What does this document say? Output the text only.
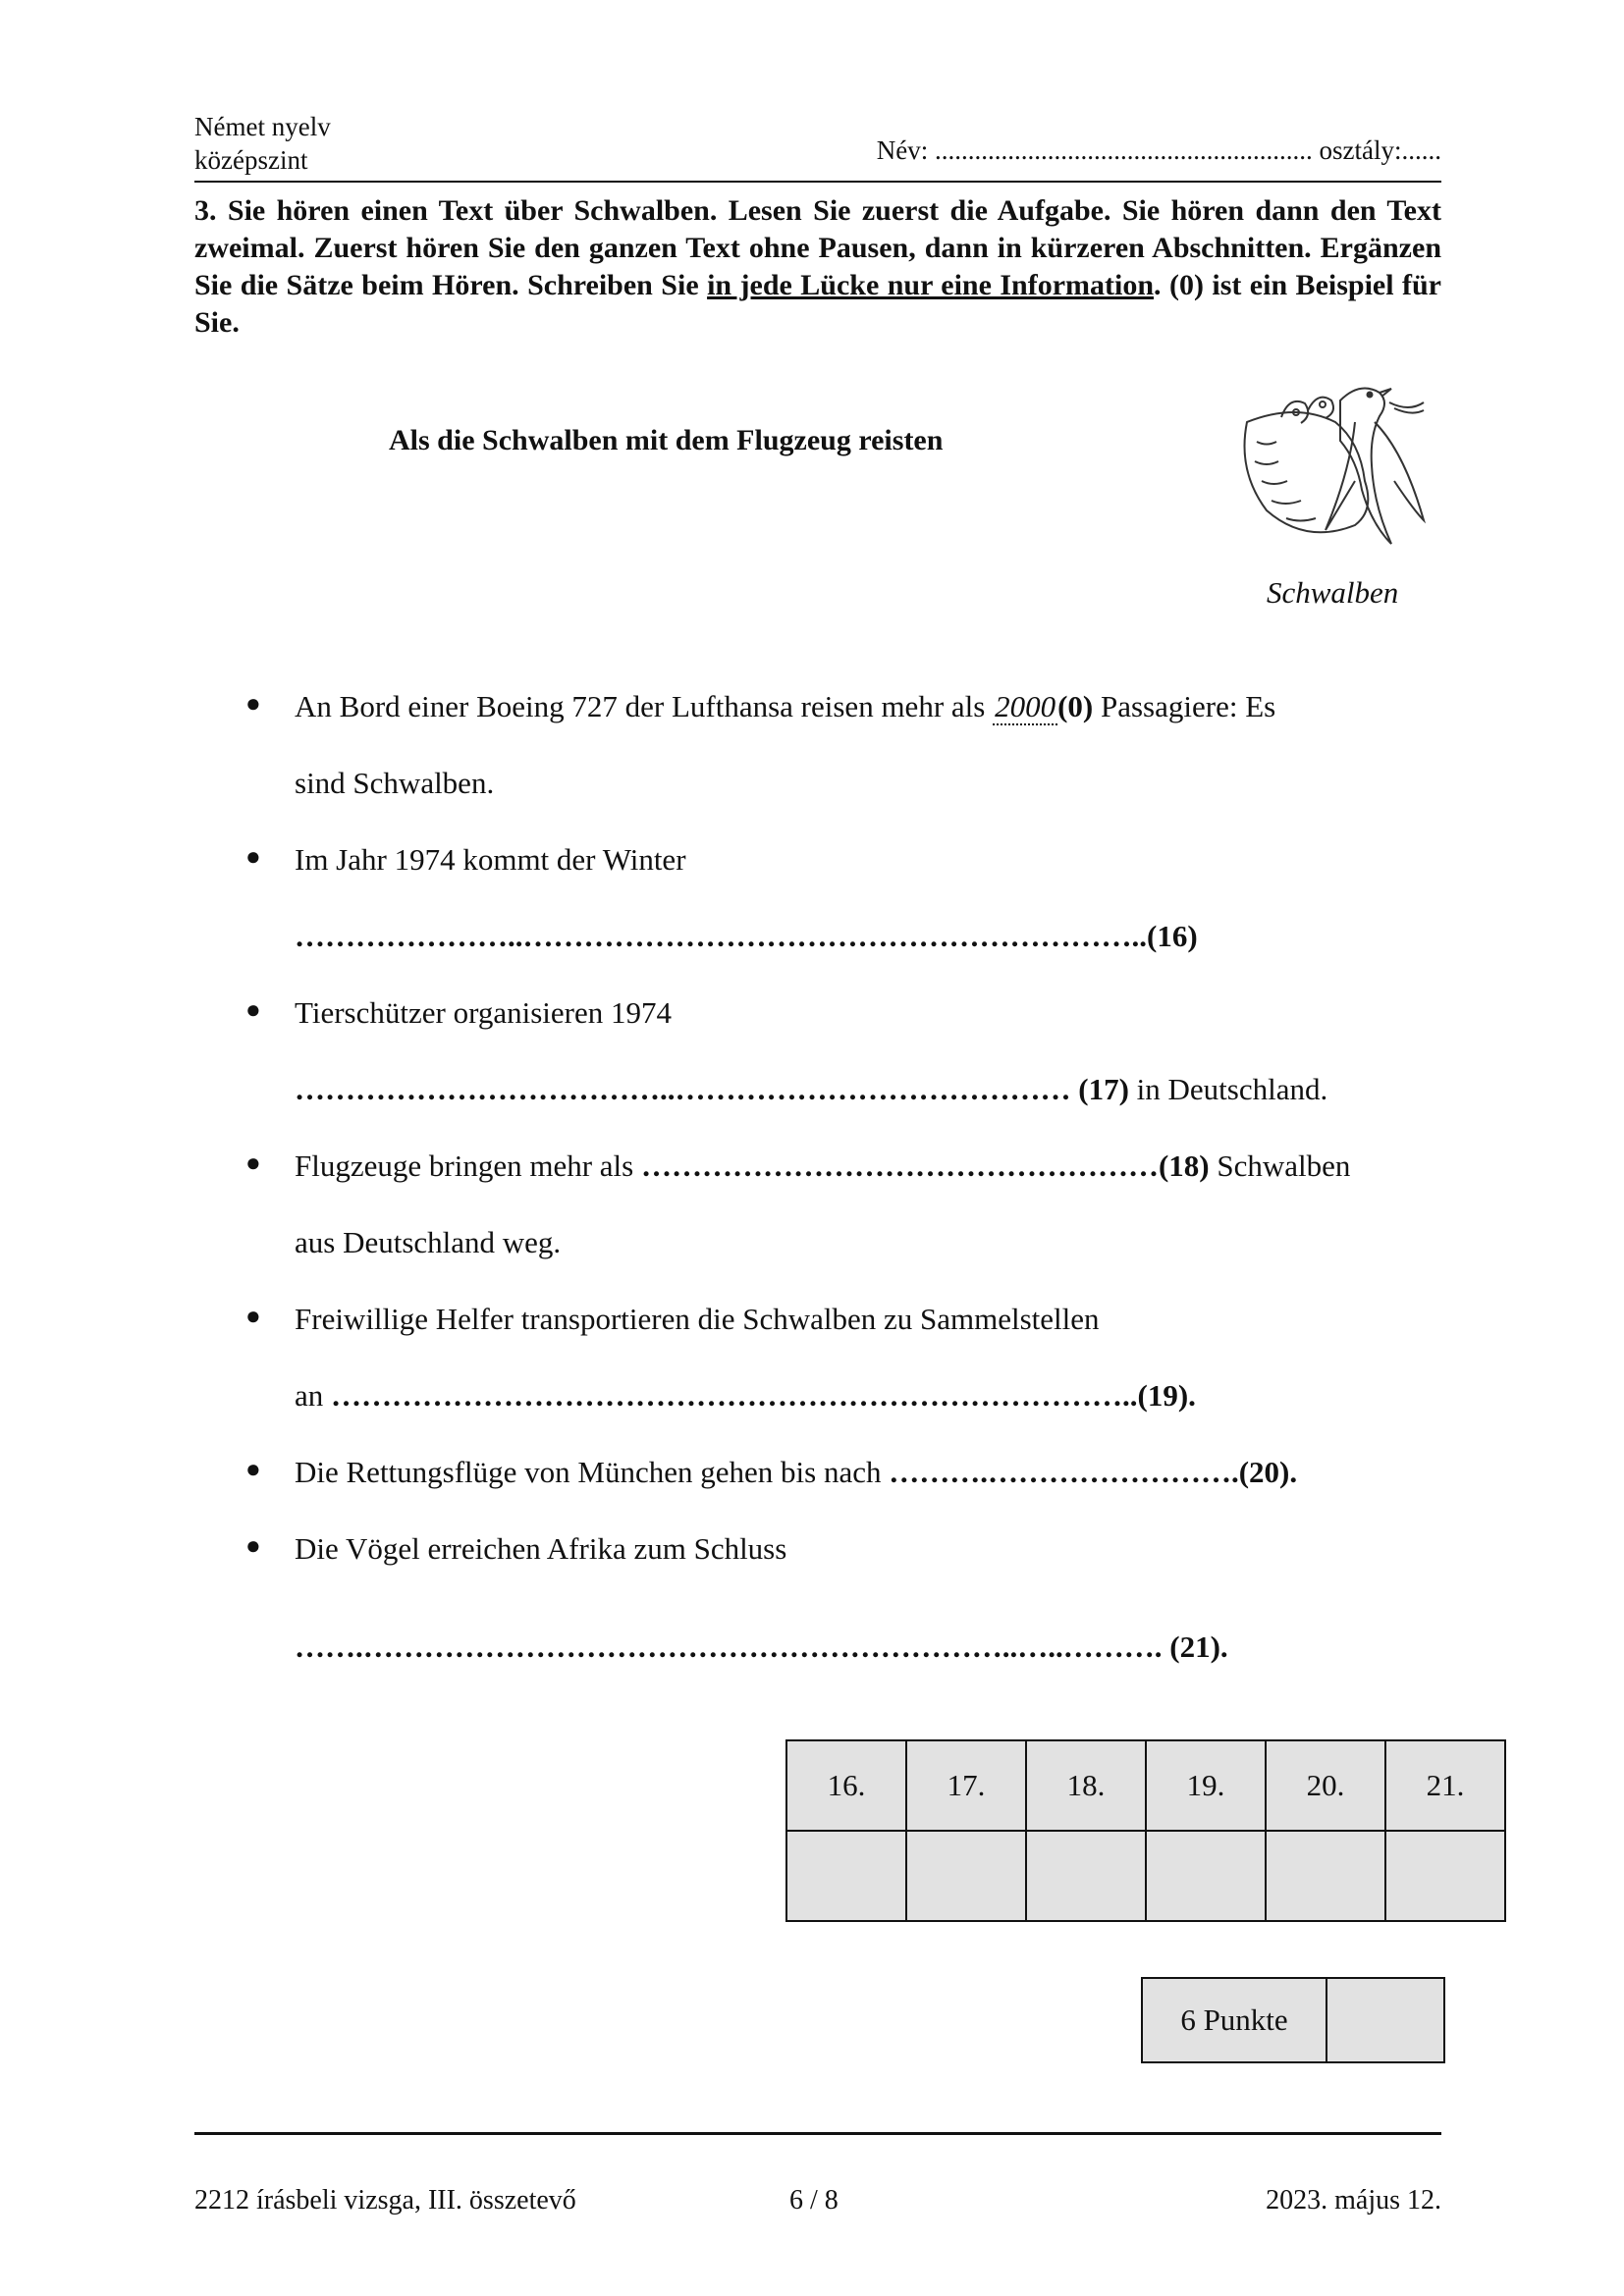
Német nyelv
középszint	Név: ......................................................... osztály:......
3. Sie hören einen Text über Schwalben. Lesen Sie zuerst die Aufgabe. Sie hören dann den Text zweimal. Zuerst hören Sie den ganzen Text ohne Pausen, dann in kürzeren Abschnitten. Ergänzen Sie die Sätze beim Hören. Schreiben Sie in jede Lücke nur eine Information. (0) ist ein Beispiel für Sie.
Als die Schwalben mit dem Flugzeug reisten
Schwalben
● An Bord einer Boeing 727 der Lufthansa reisen mehr als 2000(0) Passagiere: Es
sind Schwalben.
● Im Jahr 1974 kommt der Winter
…………………..……………………………………………………..(16)
● Tierschützer organisieren 1974
………………………………..………………………………… (17) in Deutschland.
● Flugzeuge bringen mehr als ……………………………………………(18) Schwalben
aus Deutschland weg.
● Freiwillige Helfer transportieren die Schwalben zu Sammelstellen
an ……………………………………………………………………..(19).
● Die Rettungsflüge von München gehen bis nach ……….…………………….(20).
● Die Vögel erreichen Afrika zum Schluss
…….………………………………………………………..…..………. (21).
16.	17.	18.	19.	20.	21.

6 Punkte	
2212 írásbeli vizsga, III. összetevő	6 / 8	2023. május 12.
